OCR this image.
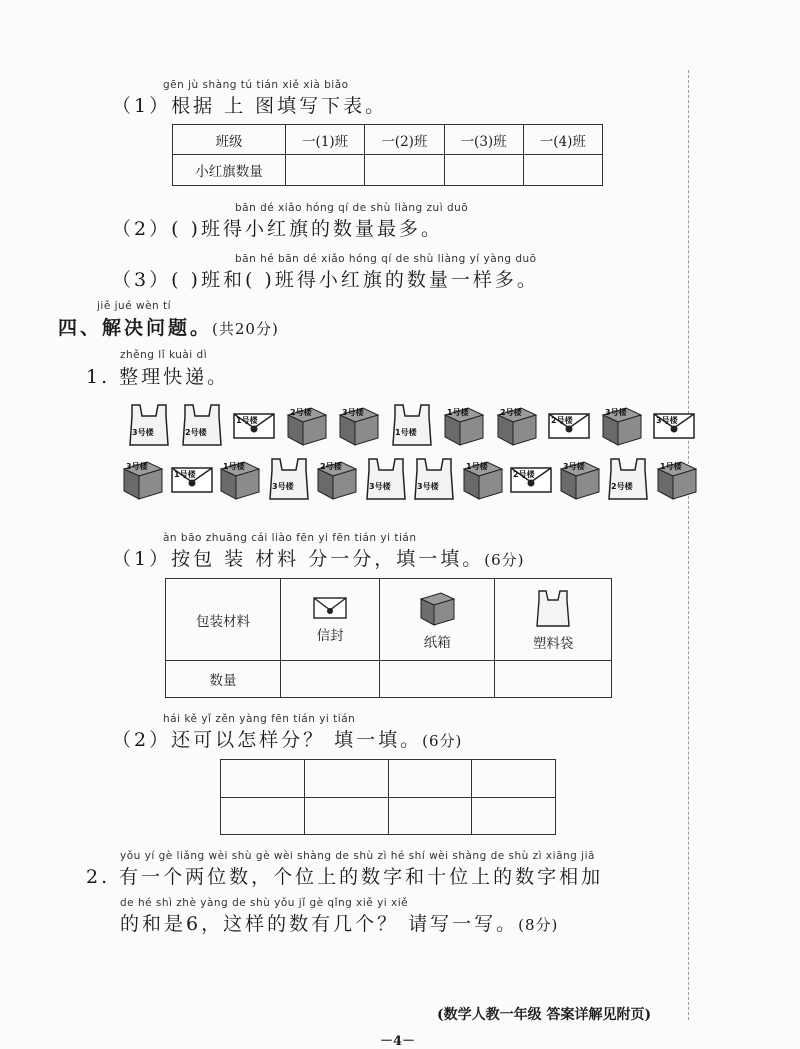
gēn jù shàng tú tián xiě xià biǎo
（1）根据 上 图填写下表。
班级	一(1)班	一(2)班	一(3)班	一(4)班
小红旗数量				
bān dé xiǎo hóng qí de shù liàng zuì duō
（2）( )班得小红旗的数量最多。
bān hé bān dé xiǎo hóng qí de shù liàng yí yàng duō
（3）( )班和( )班得小红旗的数量一样多。
jiě jué wèn tí
四、解决问题。(共20分)
zhěng lǐ kuài dì
1. 整理快递。
3号楼	2号楼
1号楼
2号楼	3号楼
1号楼
1号楼	2号楼
2号楼
3号楼
3号楼
3号楼
1号楼
1号楼
3号楼
2号楼
3号楼	3号楼
1号楼
2号楼
3号楼
2号楼
1号楼
àn bāo zhuāng cái liào fēn yi fēn tián yi tián
（1）按包 装 材料 分一分，填一填。(6分)
包装材料	信封	纸箱	塑料袋

数量			
hái kě yǐ zěn yàng fēn tián yi tián
（2）还可以怎样分？ 填一填。(6分)

yǒu yí gè liǎng wèi shù gè wèi shàng de shù zì hé shí wèi shàng de shù zì xiāng jiā
2. 有一个两位数，个位上的数字和十位上的数字相加
de hé shì zhè yàng de shù yǒu jǐ gè qǐng xiě yi xiě
的和是6，这样的数有几个？ 请写一写。(8分)
(数学人教一年级 答案详解见附页)
－4－
